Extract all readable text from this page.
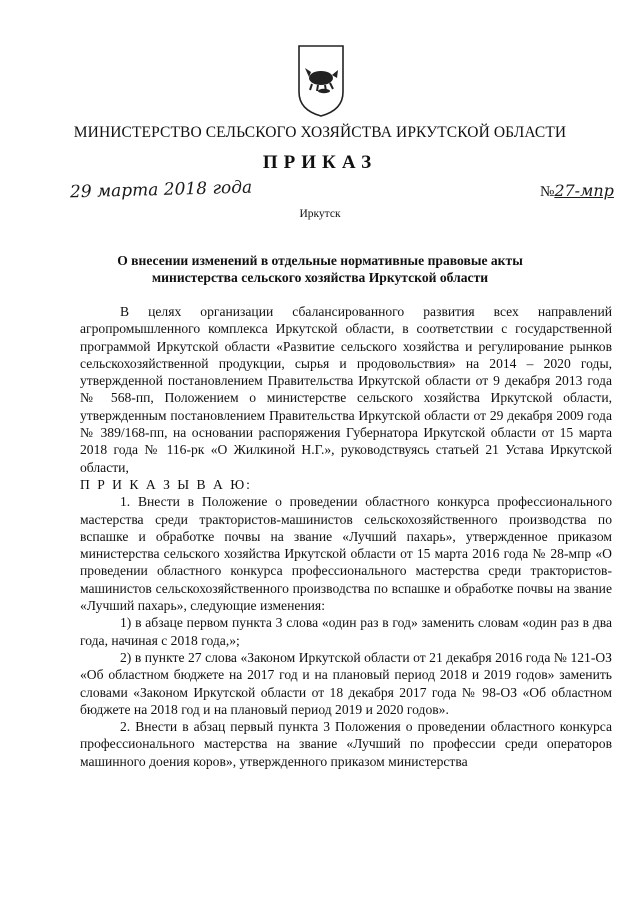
МИНИСТЕРСТВО СЕЛЬСКОГО ХОЗЯЙСТВА ИРКУТСКОЙ ОБЛАСТИ
ПРИКАЗ
29 марта 2018 года	№27-мпр
Иркутск
О внесении изменений в отдельные нормативные правовые акты министерства сельского хозяйства Иркутской области

В целях организации сбалансированного развития всех направлений агропромышленного комплекса Иркутской области, в соответствии с государственной программой Иркутской области «Развитие сельского хозяйства и регулирование рынков сельскохозяйственной продукции, сырья и продовольствия» на 2014 – 2020 годы, утвержденной постановлением Правительства Иркутской области от 9 декабря 2013 года № 568-пп, Положением о министерстве сельского хозяйства Иркутской области, утвержденным постановлением Правительства Иркутской области от 29 декабря 2009 года № 389/168-пп, на основании распоряжения Губернатора Иркутской области от 15 марта 2018 года № 116-рк «О Жилкиной Н.Г.», руководствуясь статьей 21 Устава Иркутской области,

П Р И К А З Ы В А Ю:

1. Внести в Положение о проведении областного конкурса профессионального мастерства среди трактористов-машинистов сельскохозяйственного производства по вспашке и обработке почвы на звание «Лучший пахарь», утвержденное приказом министерства сельского хозяйства Иркутской области от 15 марта 2016 года № 28-мпр «О проведении областного конкурса профессионального мастерства среди трактористов-машинистов сельскохозяйственного производства по вспашке и обработке почвы на звание «Лучший пахарь», следующие изменения:

1) в абзаце первом пункта 3 слова «один раз в год» заменить словам «один раз в два года, начиная с 2018 года,»;

2) в пункте 27 слова «Законом Иркутской области от 21 декабря 2016 года № 121-ОЗ «Об областном бюджете на 2017 год и на плановый период 2018 и 2019 годов» заменить словами «Законом Иркутской области от 18 декабря 2017 года № 98-ОЗ «Об областном бюджете на 2018 год и на плановый период 2019 и 2020 годов».

2. Внести в абзац первый пункта 3 Положения о проведении областного конкурса профессионального мастерства на звание «Лучший по профессии среди операторов машинного доения коров», утвержденного приказом министерства
